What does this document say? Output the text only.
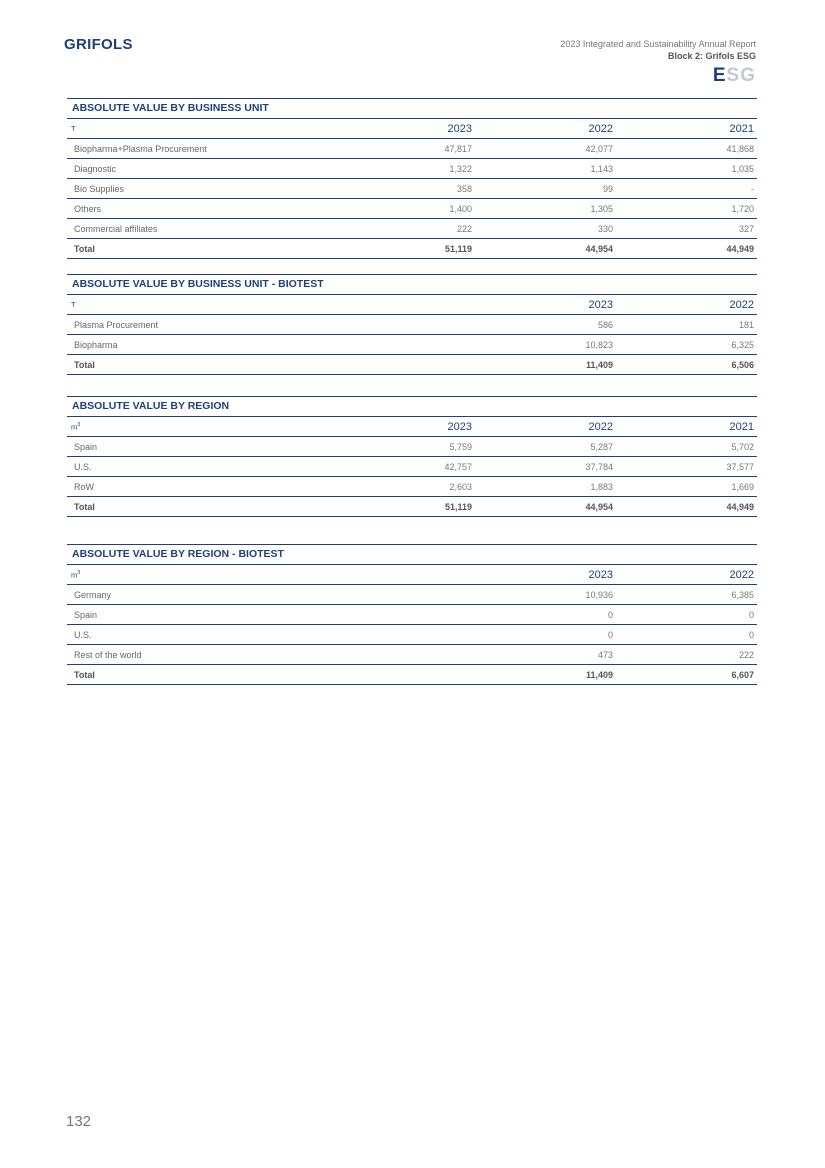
GRIFOLS	2023 Integrated and Sustainability Annual Report
Block 2: Grifols ESG
ESG
ABSOLUTE VALUE BY BUSINESS UNIT
T	2023	2022	2021
Biopharma+Plasma Procurement	47,817	42,077	41,868
Diagnostic	1,322	1,143	1,035
Bio Supplies	358	99	-
Others	1,400	1,305	1,720
Commercial affiliates	222	330	327
Total	51,119	44,954	44,949
ABSOLUTE VALUE BY BUSINESS UNIT - BIOTEST
T	2023	2022
Plasma Procurement	586	181
Biopharma	10,823	6,325
Total	11,409	6,506
ABSOLUTE VALUE BY REGION
$m^3$	2023	2022	2021
Spain	5,759	5,287	5,702
U.S.	42,757	37,784	37,577
RoW	2,603	1,883	1,669
Total	51,119	44,954	44,949
ABSOLUTE VALUE BY REGION - BIOTEST
$m^3$	2023	2022
Germany	10,936	6,385
Spain	0	0
U.S.	0	0
Rest of the world	473	222
Total	11,409	6,607
132
